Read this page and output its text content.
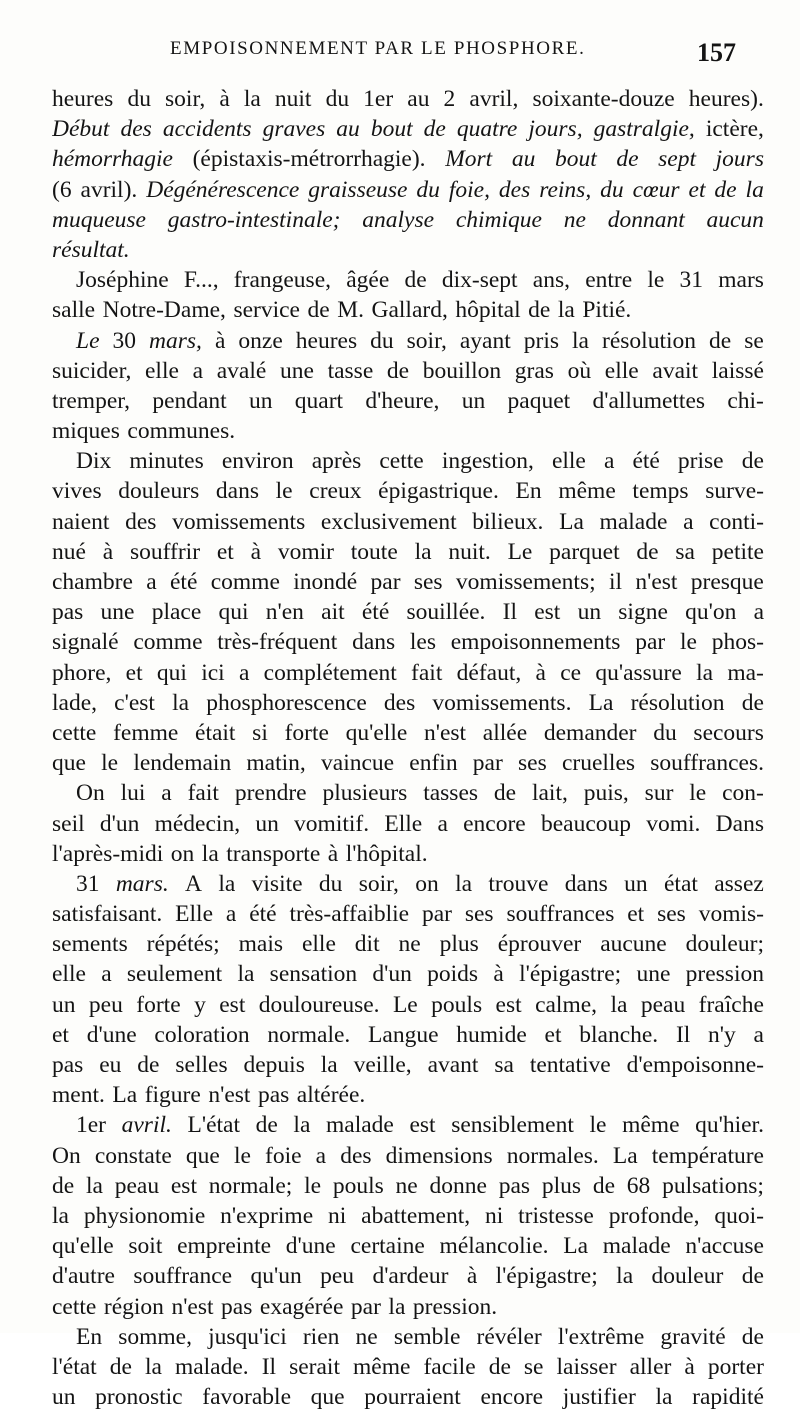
EMPOISONNEMENT PAR LE PHOSPHORE.	157
heures du soir, à la nuit du 1er au 2 avril, soixante-douze heures).
Début des accidents graves au bout de quatre jours, gastralgie, ictère,
hémorrhagie (épistaxis-métrorrhagie). Mort au bout de sept jours
(6 avril). Dégénérescence graisseuse du foie, des reins, du cœur et de la
muqueuse gastro-intestinale; analyse chimique ne donnant aucun
résultat.
Joséphine F..., frangeuse, âgée de dix-sept ans, entre le 31 mars
salle Notre-Dame, service de M. Gallard, hôpital de la Pitié.
Le 30 mars, à onze heures du soir, ayant pris la résolution de se
suicider, elle a avalé une tasse de bouillon gras où elle avait laissé
tremper, pendant un quart d'heure, un paquet d'allumettes chi-
miques communes.
Dix minutes environ après cette ingestion, elle a été prise de
vives douleurs dans le creux épigastrique. En même temps surve-
naient des vomissements exclusivement bilieux. La malade a conti-
nué à souffrir et à vomir toute la nuit. Le parquet de sa petite
chambre a été comme inondé par ses vomissements; il n'est presque
pas une place qui n'en ait été souillée. Il est un signe qu'on a
signalé comme très-fréquent dans les empoisonnements par le phos-
phore, et qui ici a complétement fait défaut, à ce qu'assure la ma-
lade, c'est la phosphorescence des vomissements. La résolution de
cette femme était si forte qu'elle n'est allée demander du secours
que le lendemain matin, vaincue enfin par ses cruelles souffrances.
On lui a fait prendre plusieurs tasses de lait, puis, sur le con-
seil d'un médecin, un vomitif. Elle a encore beaucoup vomi. Dans
l'après-midi on la transporte à l'hôpital.
31 mars. A la visite du soir, on la trouve dans un état assez
satisfaisant. Elle a été très-affaiblie par ses souffrances et ses vomis-
sements répétés; mais elle dit ne plus éprouver aucune douleur;
elle a seulement la sensation d'un poids à l'épigastre; une pression
un peu forte y est douloureuse. Le pouls est calme, la peau fraîche
et d'une coloration normale. Langue humide et blanche. Il n'y a
pas eu de selles depuis la veille, avant sa tentative d'empoisonne-
ment. La figure n'est pas altérée.
1er avril. L'état de la malade est sensiblement le même qu'hier.
On constate que le foie a des dimensions normales. La température
de la peau est normale; le pouls ne donne pas plus de 68 pulsations;
la physionomie n'exprime ni abattement, ni tristesse profonde, quoi-
qu'elle soit empreinte d'une certaine mélancolie. La malade n'accuse
d'autre souffrance qu'un peu d'ardeur à l'épigastre; la douleur de
cette région n'est pas exagérée par la pression.
En somme, jusqu'ici rien ne semble révéler l'extrême gravité de
l'état de la malade. Il serait même facile de se laisser aller à porter
un pronostic favorable que pourraient encore justifier la rapidité
